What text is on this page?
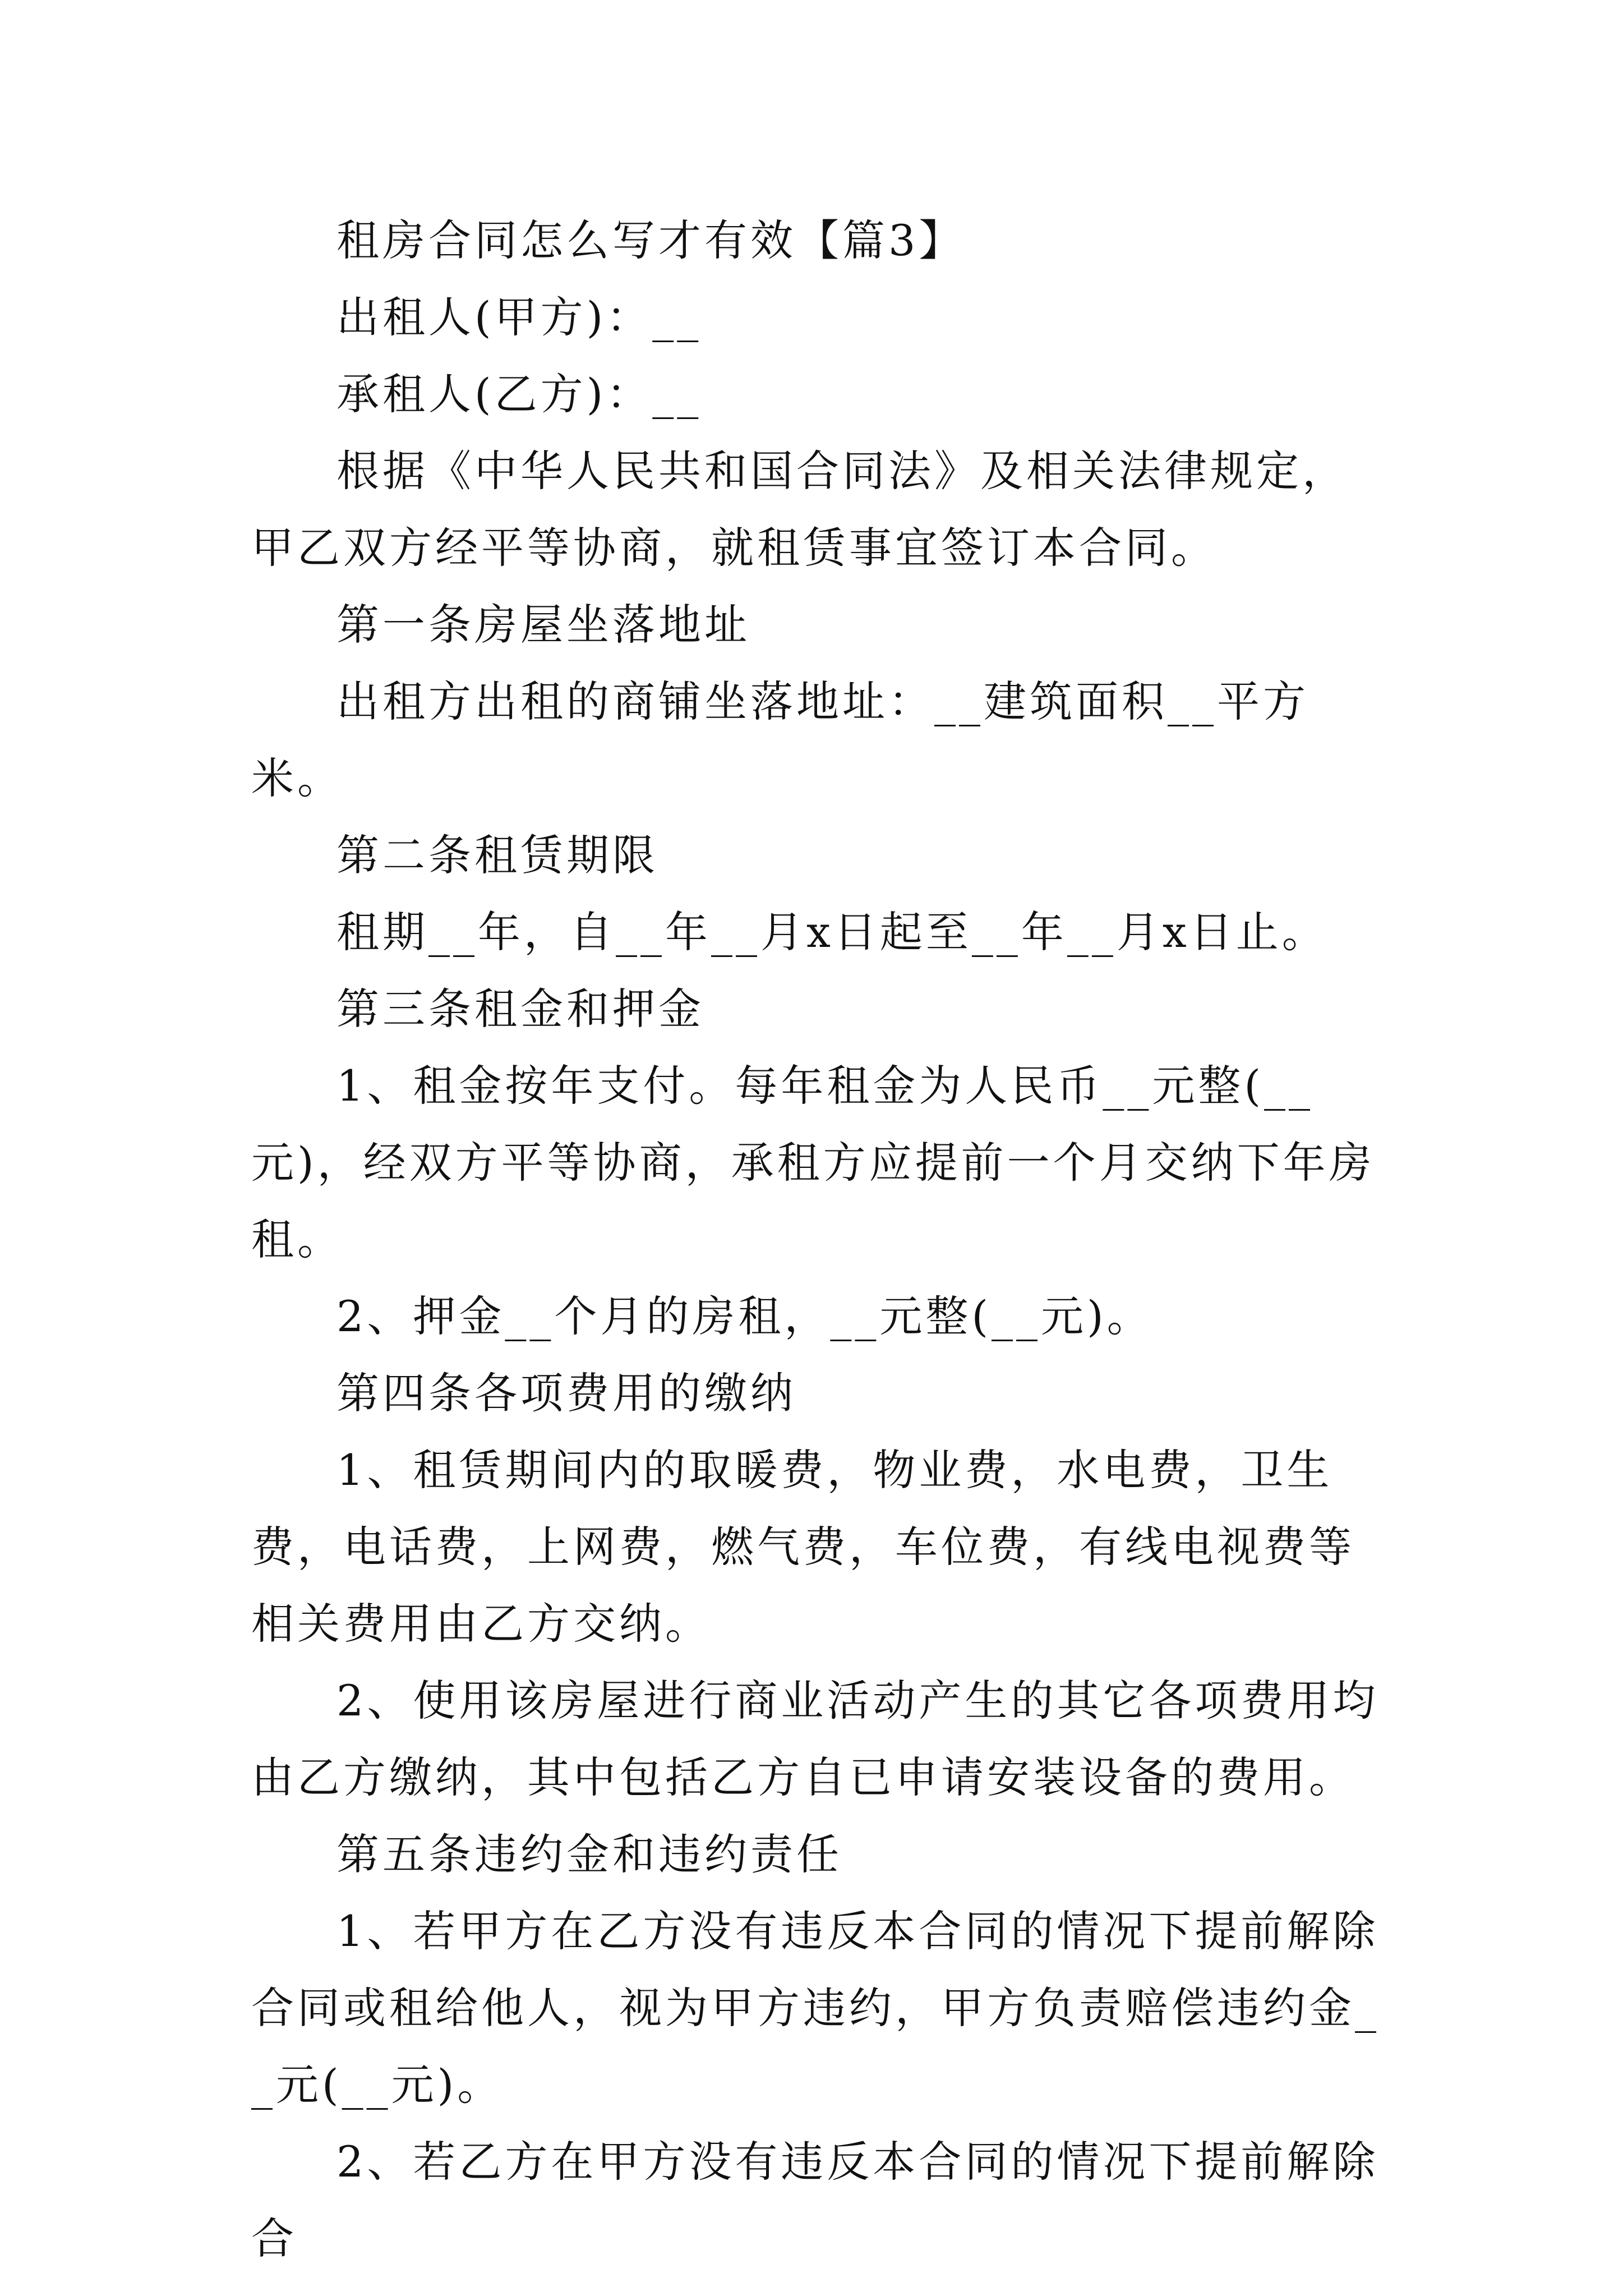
租房合同怎么写才有效【篇3】

出租人(甲方)：__

承租人(乙方)：__

根据《中华人民共和国合同法》及相关法律规定，甲乙双方经平等协商，就租赁事宜签订本合同。

第一条房屋坐落地址

出租方出租的商铺坐落地址：__建筑面积__平方米。

第二条租赁期限

租期__年，自__年__月x日起至__年__月x日止。

第三条租金和押金

1、租金按年支付。每年租金为人民币__元整(__元)，经双方平等协商，承租方应提前一个月交纳下年房租。

2、押金__个月的房租，__元整(__元)。

第四条各项费用的缴纳

1、租赁期间内的取暖费，物业费，水电费，卫生费，电话费，上网费，燃气费，车位费，有线电视费等相关费用由乙方交纳。

2、使用该房屋进行商业活动产生的其它各项费用均由乙方缴纳，其中包括乙方自已申请安装设备的费用。

第五条违约金和违约责任

1、若甲方在乙方没有违反本合同的情况下提前解除合同或租给他人，视为甲方违约，甲方负责赔偿违约金__元(__元)。

2、若乙方在甲方没有违反本合同的情况下提前解除合
